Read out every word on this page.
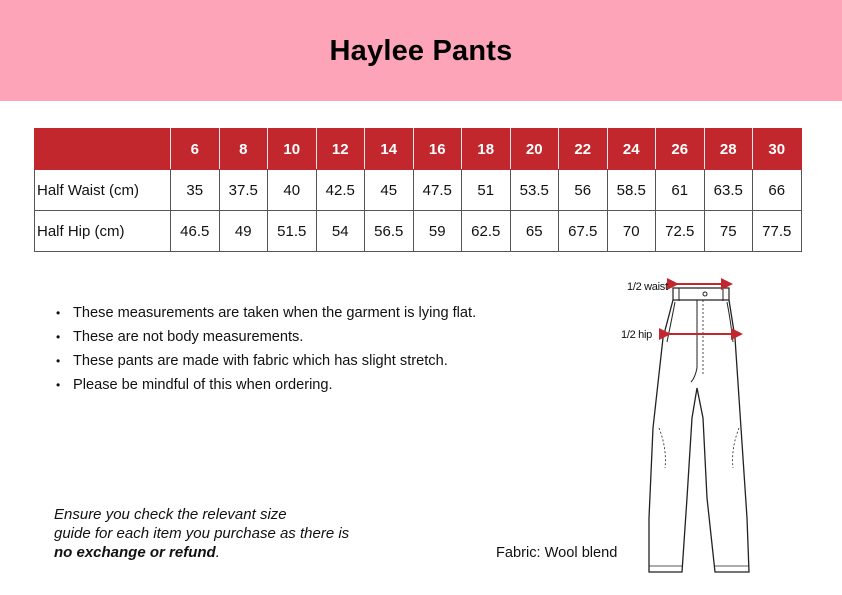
Haylee Pants
	6	8	10	12	14	16	18	20	22	24	26	28	30
Half Waist (cm)	35	37.5	40	42.5	45	47.5	51	53.5	56	58.5	61	63.5	66
Half Hip (cm)	46.5	49	51.5	54	56.5	59	62.5	65	67.5	70	72.5	75	77.5
• These measurements are taken when the garment is lying flat.
• These are not body measurements.
• These pants are made with fabric which has slight stretch.
• Please be mindful of this when ordering.
Ensure you check the relevant size
guide for each item you purchase as there is
no exchange or refund.	Fabric: Wool blend
1/2 waist
1/2 hip
